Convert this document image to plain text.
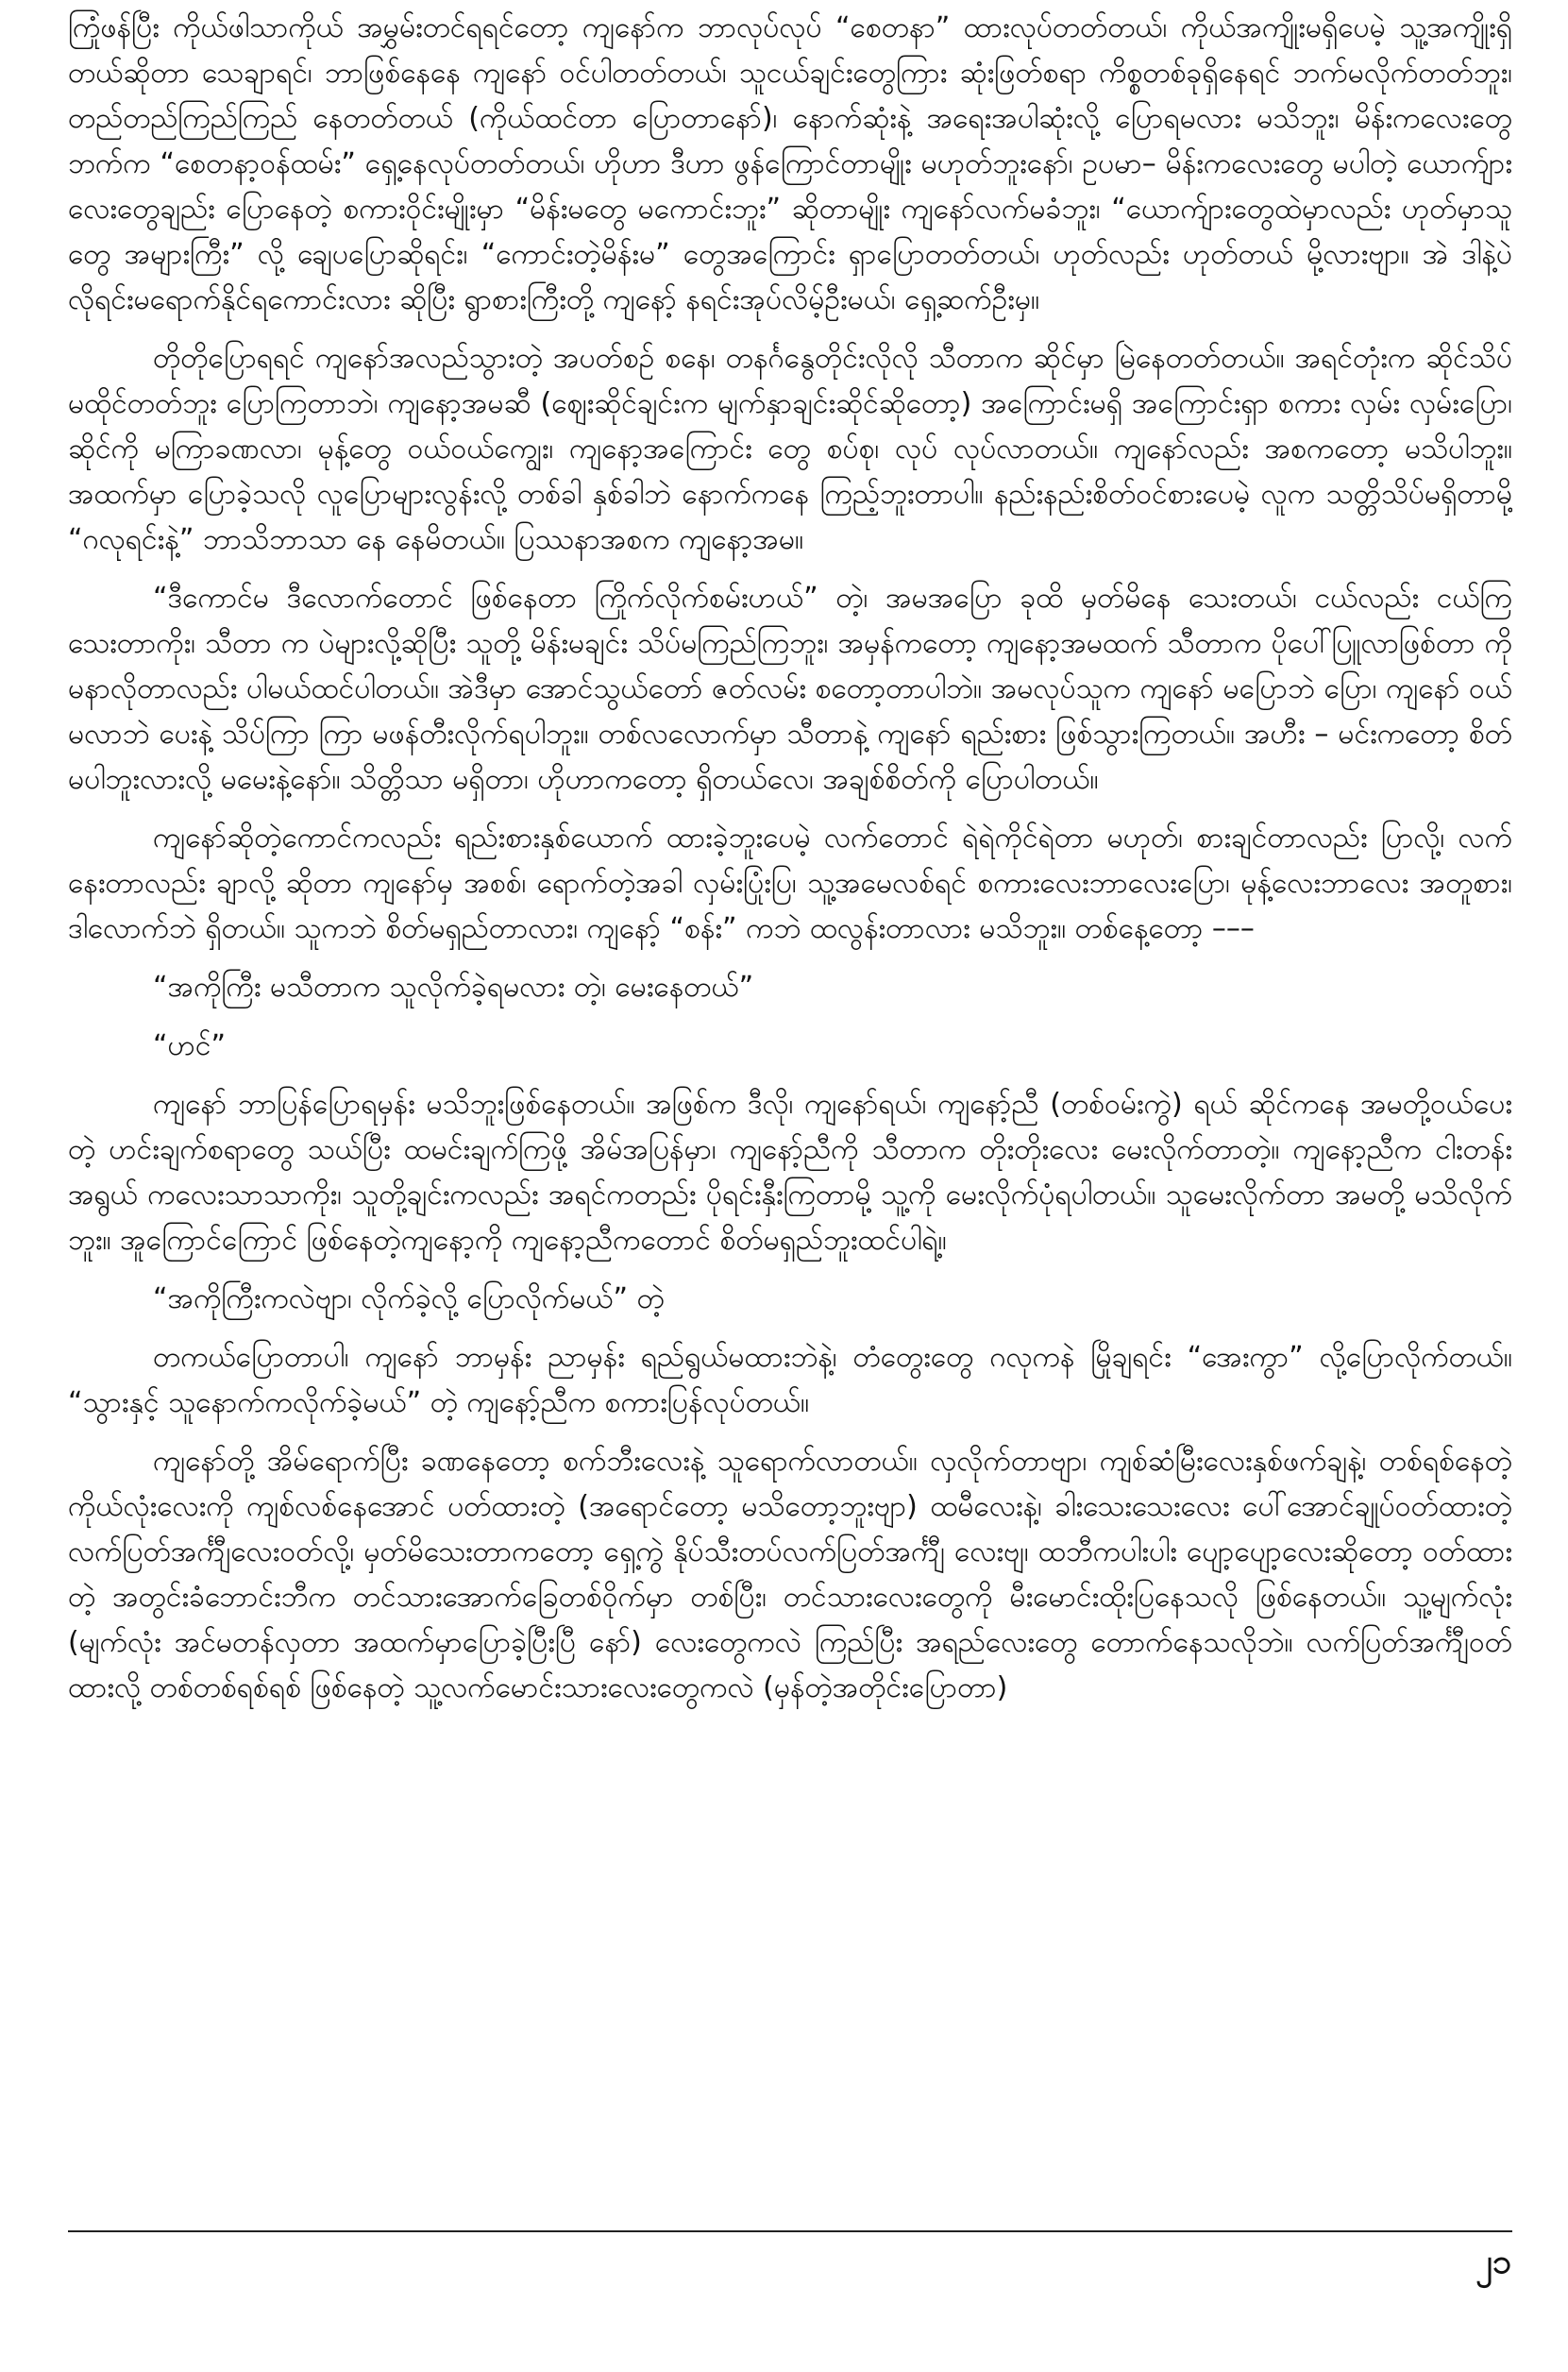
ကြုံဖန်ပြီး ကိုယ်ဖါသာကိုယ် အမွှမ်းတင်ရရင်တော့ ကျနော်က ဘာလုပ်လုပ် “စေတနာ” ထားလုပ်တတ်တယ်၊ ကိုယ်အကျိုးမရှိပေမဲ့ သူ့အကျိုးရှိတယ်ဆိုတာ သေချာရင်၊ ဘာဖြစ်နေနေ ကျနော် ဝင်ပါတတ်တယ်၊ သူငယ်ချင်းတွေကြား ဆုံးဖြတ်စရာ ကိစ္စတစ်ခုရှိနေရင် ဘက်မလိုက်တတ်ဘူး၊ တည်တည်ကြည်ကြည် နေတတ်တယ် (ကိုယ်ထင်တာ ပြောတာနော်)၊ နောက်ဆုံးနဲ့ အရေးအပါဆုံးလို့ ပြောရမလား မသိဘူး၊ မိန်းကလေးတွေ ဘက်က “စေတနာ့ဝန်ထမ်း” ရှေ့နေလုပ်တတ်တယ်၊ ဟိုဟာ ဒီဟာ ဖွန်ကြောင်တာမျိုး မဟုတ်ဘူးနော်၊ ဥပမာ– မိန်းကလေးတွေ မပါတဲ့ ယောက်ျားလေးတွေချည်း ပြောနေတဲ့ စကားဝိုင်းမျိုးမှာ “မိန်းမတွေ မကောင်းဘူး” ဆိုတာမျိုး ကျနော်လက်မခံဘူး၊ “ယောက်ျားတွေထဲမှာလည်း ဟုတ်မှာသူတွေ အများကြီး” လို့ ချေပပြောဆိုရင်း၊ “ကောင်းတဲ့မိန်းမ” တွေအကြောင်း ရှာပြောတတ်တယ်၊ ဟုတ်လည်း ဟုတ်တယ် မို့လားဗျာ။ အဲ ဒါနဲ့ပဲ လိုရင်းမရောက်နိုင်ရကောင်းလား ဆိုပြီး ရွာစားကြီးတို့ ကျနော့် နရင်းအုပ်လိမ့်ဦးမယ်၊ ရှေ့ဆက်ဦးမှ။

တိုတိုပြောရရင် ကျနော်အလည်သွားတဲ့ အပတ်စဉ် စနေ၊ တနင်္ဂနွေတိုင်းလိုလို သီတာက ဆိုင်မှာ မြဲနေတတ်တယ်။ အရင်တုံးက ဆိုင်သိပ်မထိုင်တတ်ဘူး ပြောကြတာဘဲ၊ ကျနော့အမဆီ (ဈေးဆိုင်ချင်းက မျက်နှာချင်းဆိုင်ဆိုတော့) အကြောင်းမရှိ အကြောင်းရှာ စကား လှမ်း လှမ်းပြော၊ ဆိုင်ကို မကြာခဏလာ၊ မုန့်တွေ ဝယ်ဝယ်ကျွေး၊ ကျနော့အကြောင်း တွေ စပ်စု၊ လုပ် လုပ်လာတယ်။ ကျနော်လည်း အစကတော့ မသိပါဘူး။ အထက်မှာ ပြောခဲ့သလို လူပြောများလွန်းလို့ တစ်ခါ နှစ်ခါဘဲ နောက်ကနေ ကြည့်ဘူးတာပါ။ နည်းနည်းစိတ်ဝင်စားပေမဲ့ လူက သတ္တိသိပ်မရှိတာမို့ “ဂလုရင်းနဲ့” ဘာသိဘာသာ နေ နေမိတယ်။ ပြဿနာအစက ကျနော့အမ။

“ဒီကောင်မ ဒီလောက်တောင် ဖြစ်နေတာ ကြိုက်လိုက်စမ်းဟယ်” တဲ့၊ အမအပြော ခုထိ မှတ်မိနေ သေးတယ်၊ ငယ်လည်း ငယ်ကြသေးတာကိုး၊ သီတာ က ပဲများလို့ဆိုပြီး သူတို့ မိန်းမချင်း သိပ်မကြည်ကြဘူး၊ အမှန်ကတော့ ကျနော့အမထက် သီတာက ပိုပေါ်ပြူလာဖြစ်တာ ကို မနာလိုတာလည်း ပါမယ်ထင်ပါတယ်။ အဲဒီမှာ အောင်သွယ်တော် ဇတ်လမ်း စတော့တာပါဘဲ။ အမလုပ်သူက ကျနော် မပြောဘဲ ပြော၊ ကျနော် ဝယ်မလာဘဲ ပေးနဲ့ သိပ်ကြာ ကြာ မဖန်တီးလိုက်ရပါဘူး။ တစ်လလောက်မှာ သီတာနဲ့ ကျနော် ရည်းစား ဖြစ်သွားကြတယ်။ အဟီး – မင်းကတော့ စိတ်မပါဘူးလားလို့ မမေးနဲ့နော်။ သိတ္တိသာ မရှိတာ၊ ဟိုဟာကတော့ ရှိတယ်လေ၊ အချစ်စိတ်ကို ပြောပါတယ်။

ကျနော်ဆိုတဲ့ကောင်ကလည်း ရည်းစားနှစ်ယောက် ထားခဲ့ဘူးပေမဲ့ လက်တောင် ရဲရဲကိုင်ရဲတာ မဟုတ်၊ စားချင်တာလည်း ပြာလို့၊ လက်နေးတာလည်း ချာလို့ ဆိုတာ ကျနော်မှ အစစ်၊ ရောက်တဲ့အခါ လှမ်းပြုံးပြ၊ သူ့အမေလစ်ရင် စကားလေးဘာလေးပြော၊ မုန့်လေးဘာလေး အတူစား၊ ဒါလောက်ဘဲ ရှိတယ်။ သူကဘဲ စိတ်မရှည်တာလား၊ ကျနော့် “စန်း” ကဘဲ ထလွန်းတာလား မသိဘူး။ တစ်နေ့တော့ –––

“အကိုကြီး မသီတာက သူလိုက်ခဲ့ရမလား တဲ့၊ မေးနေတယ်”

“ဟင်”

ကျနော် ဘာပြန်ပြောရမှန်း မသိဘူးဖြစ်နေတယ်။ အဖြစ်က ဒီလို၊ ကျနော်ရယ်၊ ကျနော့်ညီ (တစ်ဝမ်းကွဲ) ရယ် ဆိုင်ကနေ အမတို့ဝယ်ပေးတဲ့ ဟင်းချက်စရာတွေ သယ်ပြီး ထမင်းချက်ကြဖို့ အိမ်အပြန်မှာ၊ ကျနော့်ညီကို သီတာက တိုးတိုးလေး မေးလိုက်တာတဲ့။ ကျနော့ညီက ငါးတန်းအရွယ် ကလေးသာသာကိုး၊ သူတို့ချင်းကလည်း အရင်ကတည်း ပိုရင်းနှီးကြတာမို့ သူ့ကို မေးလိုက်ပုံရပါတယ်။ သူမေးလိုက်တာ အမတို့ မသိလိုက်ဘူး။ အူကြောင်ကြောင် ဖြစ်နေတဲ့ကျနော့ကို ကျနော့ညီကတောင် စိတ်မရှည်ဘူးထင်ပါရဲ့။

“အကိုကြီးကလဲဗျာ၊ လိုက်ခဲ့လို့ ပြောလိုက်မယ်” တဲ့

တကယ်ပြောတာပါ၊ ကျနော် ဘာမှန်း ညာမှန်း ရည်ရွယ်မထားဘဲနဲ့၊ တံတွေးတွေ ဂလုကနဲ မြိုချရင်း “အေးကွာ” လို့ပြောလိုက်တယ်။ “သွားနှင့် သူနောက်ကလိုက်ခဲ့မယ်” တဲ့ ကျနော့်ညီက စကားပြန်လုပ်တယ်။

ကျနော်တို့ အိမ်ရောက်ပြီး ခဏနေတော့ စက်ဘီးလေးနဲ့ သူရောက်လာတယ်။ လှလိုက်တာဗျာ၊ ကျစ်ဆံမြီးလေးနှစ်ဖက်ချနဲ့၊ တစ်ရစ်နေတဲ့ ကိုယ်လုံးလေးကို ကျစ်လစ်နေအောင် ပတ်ထားတဲ့ (အရောင်တော့ မသိတော့ဘူးဗျာ) ထမီလေးနဲ့၊ ခါးသေးသေးလေး ပေါ်အောင်ချုပ်ဝတ်ထားတဲ့ လက်ပြတ်အင်္ကျီလေးဝတ်လို့၊ မှတ်မိသေးတာကတော့ ရှေ့ကွဲ နိုပ်သီးတပ်လက်ပြတ်အင်္ကျီ လေးဗျ၊ ထဘီကပါးပါး ပျော့ပျော့လေးဆိုတော့ ဝတ်ထားတဲ့ အတွင်းခံဘောင်းဘီက တင်သားအောက်ခြေတစ်ဝိုက်မှာ တစ်ပြီး၊ တင်သားလေးတွေကို မီးမောင်းထိုးပြနေသလို ဖြစ်နေတယ်။ သူ့မျက်လုံး (မျက်လုံး အင်မတန်လှတာ အထက်မှာပြောခဲ့ပြီးပြီ နော်) လေးတွေကလဲ ကြည်ပြီး အရည်လေးတွေ တောက်နေသလိုဘဲ။ လက်ပြတ်အင်္ကျီဝတ်ထားလို့ တစ်တစ်ရစ်ရစ် ဖြစ်နေတဲ့ သူ့လက်မောင်းသားလေးတွေကလဲ (မှန်တဲ့အတိုင်းပြောတာ)

၂၁
